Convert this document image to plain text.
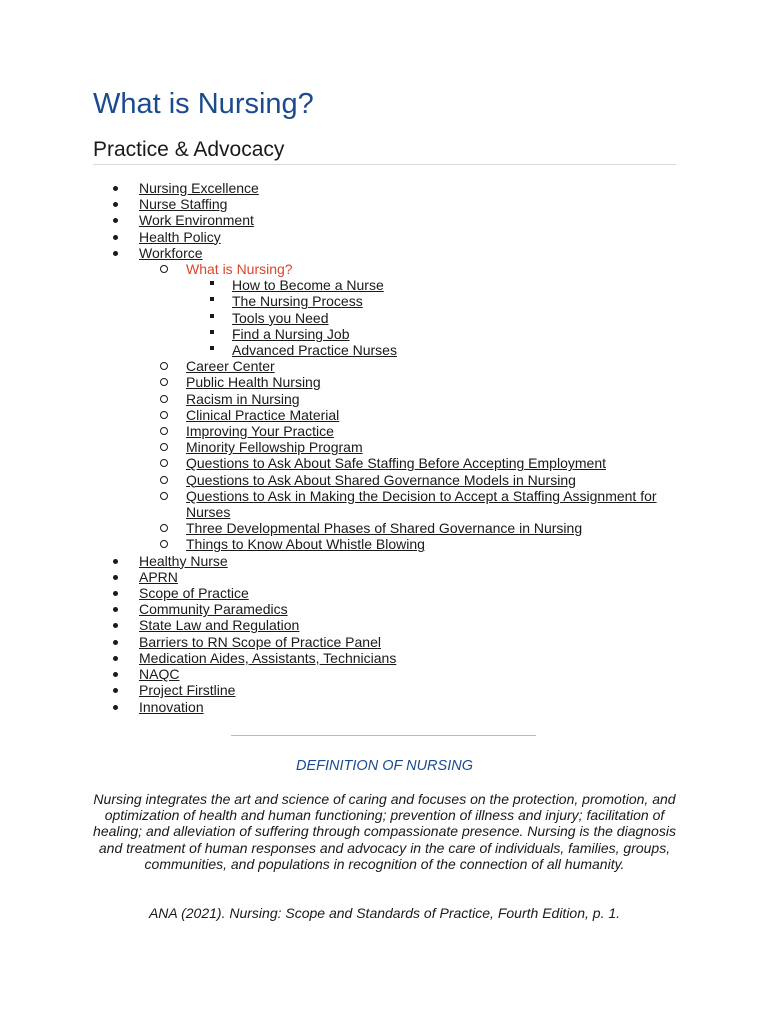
What is Nursing?
Practice & Advocacy
Nursing Excellence
Nurse Staffing
Work Environment
Health Policy
Workforce
What is Nursing?
How to Become a Nurse
The Nursing Process
Tools you Need
Find a Nursing Job
Advanced Practice Nurses
Career Center
Public Health Nursing
Racism in Nursing
Clinical Practice Material
Improving Your Practice
Minority Fellowship Program
Questions to Ask About Safe Staffing Before Accepting Employment
Questions to Ask About Shared Governance Models in Nursing
Questions to Ask in Making the Decision to Accept a Staffing Assignment for Nurses
Three Developmental Phases of Shared Governance in Nursing
Things to Know About Whistle Blowing
Healthy Nurse
APRN
Scope of Practice
Community Paramedics
State Law and Regulation
Barriers to RN Scope of Practice Panel
Medication Aides, Assistants, Technicians
NAQC
Project Firstline
Innovation

DEFINITION OF NURSING

Nursing integrates the art and science of caring and focuses on the protection, promotion, and optimization of health and human functioning; prevention of illness and injury; facilitation of healing; and alleviation of suffering through compassionate presence. Nursing is the diagnosis and treatment of human responses and advocacy in the care of individuals, families, groups, communities, and populations in recognition of the connection of all humanity.

ANA (2021). Nursing: Scope and Standards of Practice, Fourth Edition, p. 1.
